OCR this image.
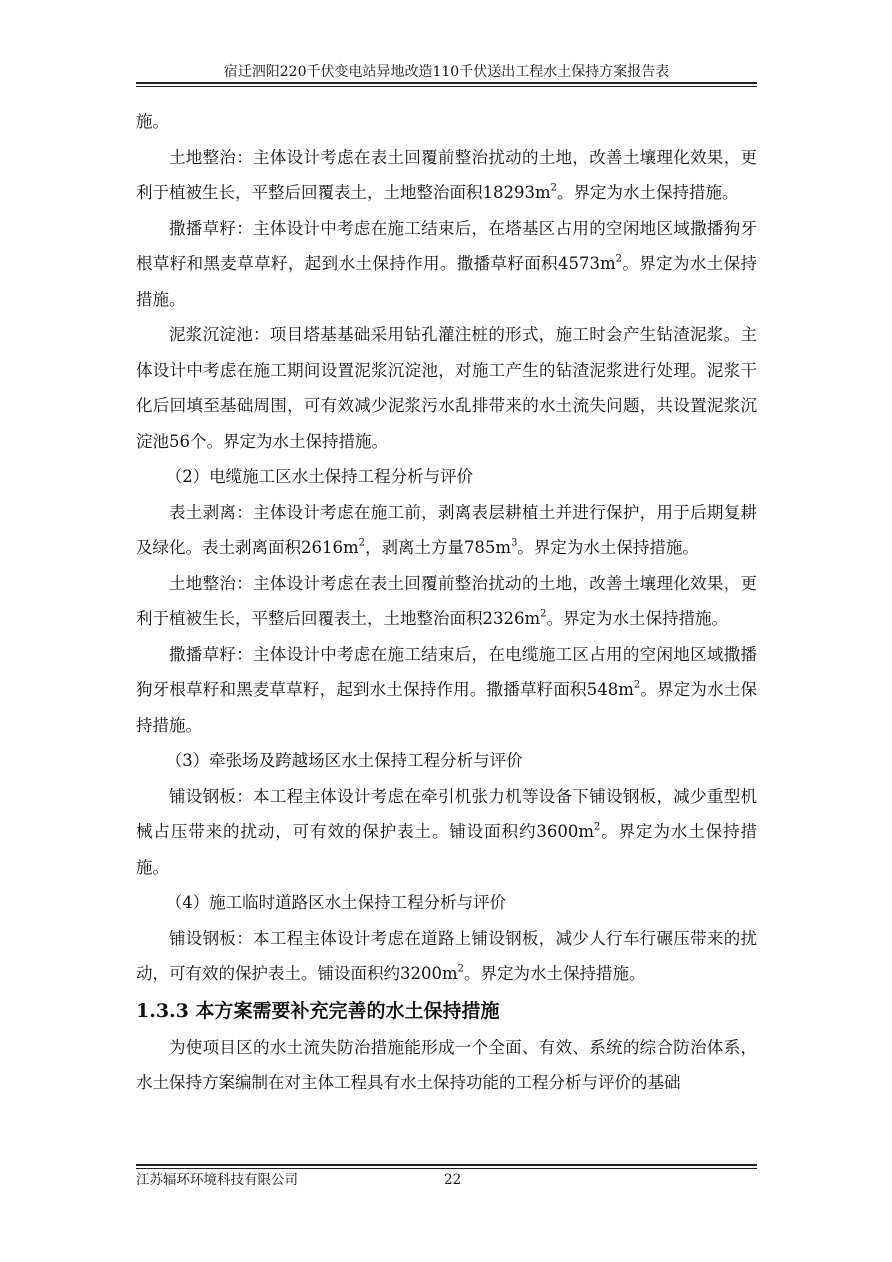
宿迁泗阳220千伏变电站异地改造110千伏送出工程水土保持方案报告表

施。

土地整治：主体设计考虑在表土回覆前整治扰动的土地，改善土壤理化效果，更利于植被生长，平整后回覆表土，土地整治面积$18293m^2$。界定为水土保持措施。

撒播草籽：主体设计中考虑在施工结束后，在塔基区占用的空闲地区域撒播狗牙根草籽和黑麦草草籽，起到水土保持作用。撒播草籽面积$4573m^2$。界定为水土保持措施。

泥浆沉淀池：项目塔基基础采用钻孔灌注桩的形式，施工时会产生钻渣泥浆。主体设计中考虑在施工期间设置泥浆沉淀池，对施工产生的钻渣泥浆进行处理。泥浆干化后回填至基础周围，可有效减少泥浆污水乱排带来的水土流失问题，共设置泥浆沉淀池56个。界定为水土保持措施。

（2）电缆施工区水土保持工程分析与评价

表土剥离：主体设计考虑在施工前，剥离表层耕植土并进行保护，用于后期复耕及绿化。表土剥离面积$2616m^2$，剥离土方量$785m^3$。界定为水土保持措施。

土地整治：主体设计考虑在表土回覆前整治扰动的土地，改善土壤理化效果，更利于植被生长，平整后回覆表土，土地整治面积$2326m^2$。界定为水土保持措施。

撒播草籽：主体设计中考虑在施工结束后，在电缆施工区占用的空闲地区域撒播狗牙根草籽和黑麦草草籽，起到水土保持作用。撒播草籽面积$548m^2$。界定为水土保持措施。

（3）牵张场及跨越场区水土保持工程分析与评价

铺设钢板：本工程主体设计考虑在牵引机张力机等设备下铺设钢板，减少重型机械占压带来的扰动，可有效的保护表土。铺设面积约$3600m^2$。界定为水土保持措施。

（4）施工临时道路区水土保持工程分析与评价

铺设钢板：本工程主体设计考虑在道路上铺设钢板，减少人行车行碾压带来的扰动，可有效的保护表土。铺设面积约$3200m^2$。界定为水土保持措施。

1.3.3 本方案需要补充完善的水土保持措施

为使项目区的水土流失防治措施能形成一个全面、有效、系统的综合防治体系，水土保持方案编制在对主体工程具有水土保持功能的工程分析与评价的基础

江苏辐环环境科技有限公司	22
